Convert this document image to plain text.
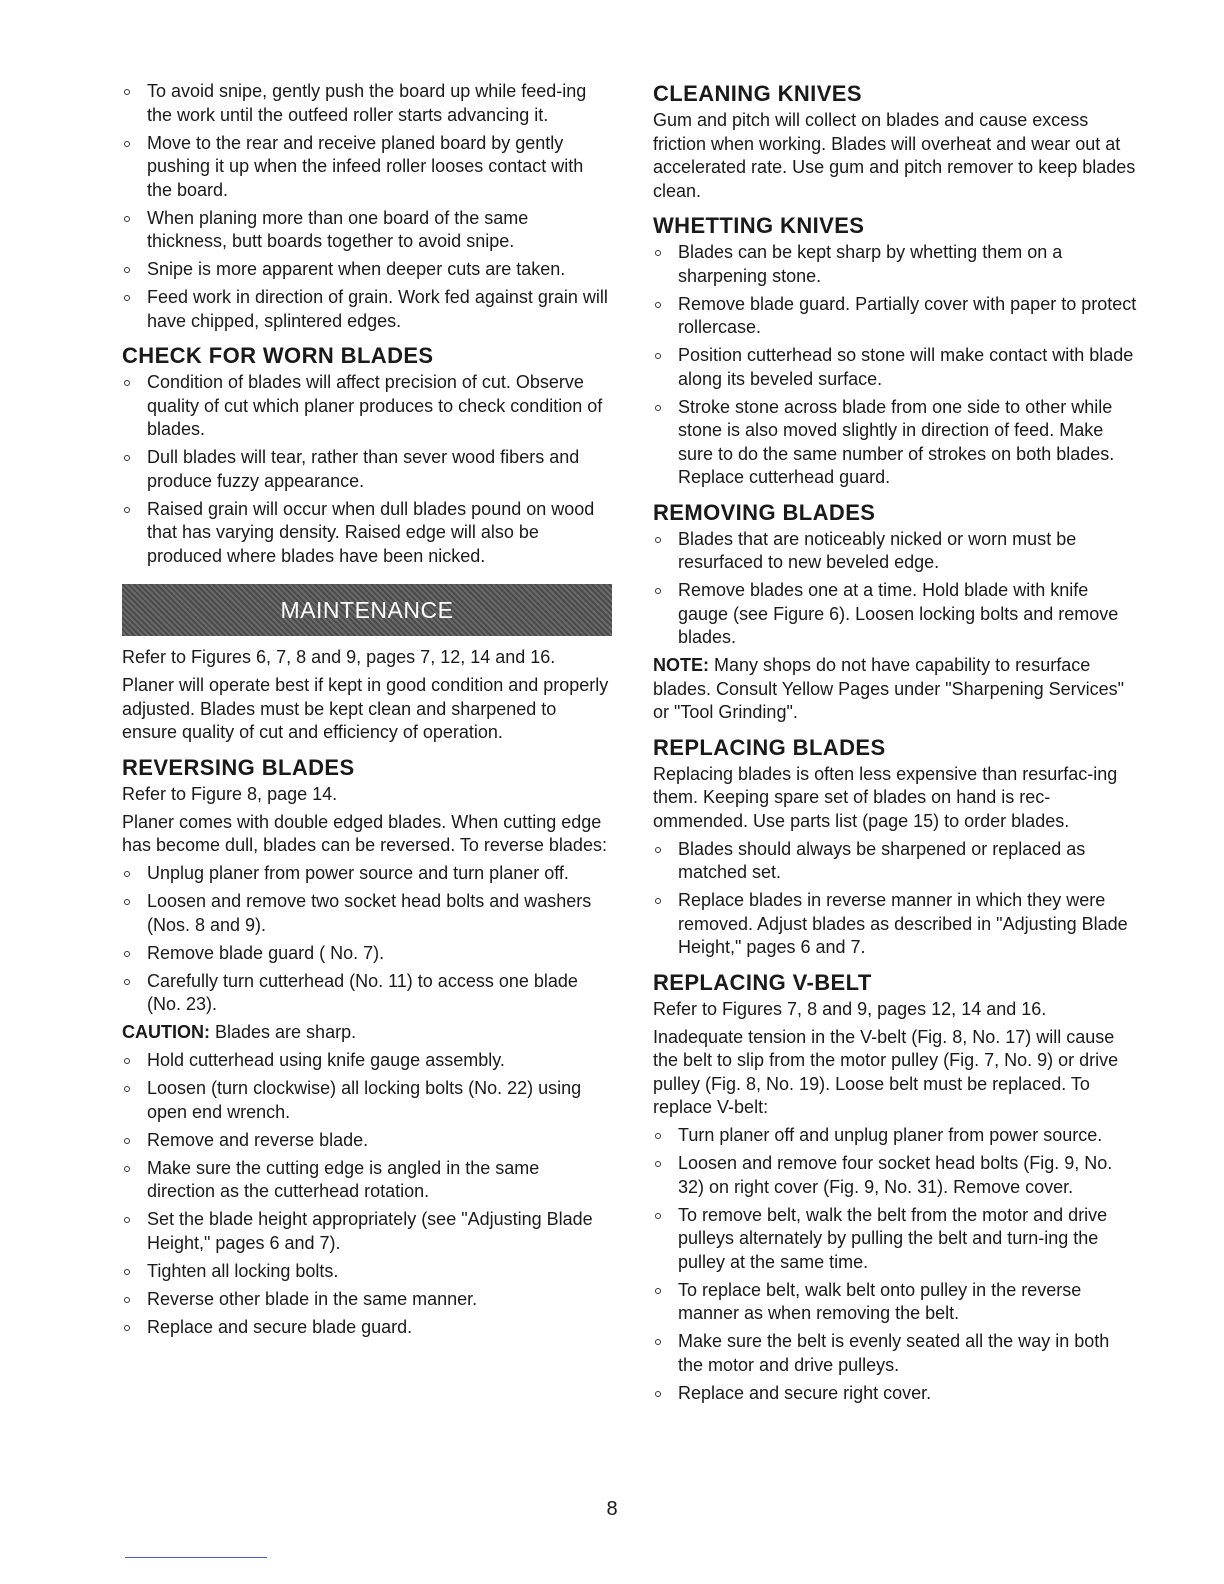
To avoid snipe, gently push the board up while feed-ing the work until the outfeed roller starts advancing it.
Move to the rear and receive planed board by gently pushing it up when the infeed roller looses contact with the board.
When planing more than one board of the same thickness, butt boards together to avoid snipe.
Snipe is more apparent when deeper cuts are taken.
Feed work in direction of grain. Work fed against grain will have chipped, splintered edges.
CHECK FOR WORN BLADES
Condition of blades will affect precision of cut. Observe quality of cut which planer produces to check condition of blades.
Dull blades will tear, rather than sever wood fibers and produce fuzzy appearance.
Raised grain will occur when dull blades pound on wood that has varying density. Raised edge will also be produced where blades have been nicked.
MAINTENANCE

Refer to Figures 6, 7, 8 and 9, pages 7, 12, 14 and 16.

Planer will operate best if kept in good condition and properly adjusted. Blades must be kept clean and sharpened to ensure quality of cut and efficiency of operation.

REVERSING BLADES

Refer to Figure 8, page 14.

Planer comes with double edged blades. When cutting edge has become dull, blades can be reversed. To reverse blades:

Unplug planer from power source and turn planer off.
Loosen and remove two socket head bolts and washers (Nos. 8 and 9).
Remove blade guard ( No. 7).
Carefully turn cutterhead (No. 11) to access one blade (No. 23).

CAUTION: Blades are sharp.

Hold cutterhead using knife gauge assembly.
Loosen (turn clockwise) all locking bolts (No. 22) using open end wrench.
Remove and reverse blade.
Make sure the cutting edge is angled in the same direction as the cutterhead rotation.
Set the blade height appropriately (see "Adjusting Blade Height," pages 6 and 7).
Tighten all locking bolts.
Reverse other blade in the same manner.
Replace and secure blade guard.
CLEANING KNIVES

Gum and pitch will collect on blades and cause excess friction when working. Blades will overheat and wear out at accelerated rate. Use gum and pitch remover to keep blades clean.

WHETTING KNIVES
Blades can be kept sharp by whetting them on a sharpening stone.
Remove blade guard. Partially cover with paper to protect rollercase.
Position cutterhead so stone will make contact with blade along its beveled surface.
Stroke stone across blade from one side to other while stone is also moved slightly in direction of feed. Make sure to do the same number of strokes on both blades. Replace cutterhead guard.
REMOVING BLADES
Blades that are noticeably nicked or worn must be resurfaced to new beveled edge.
Remove blades one at a time. Hold blade with knife gauge (see Figure 6). Loosen locking bolts and remove blades.

NOTE: Many shops do not have capability to resurface blades. Consult Yellow Pages under "Sharpening Services" or "Tool Grinding".

REPLACING BLADES

Replacing blades is often less expensive than resurfac-ing them. Keeping spare set of blades on hand is rec-ommended. Use parts list (page 15) to order blades.

Blades should always be sharpened or replaced as matched set.
Replace blades in reverse manner in which they were removed. Adjust blades as described in "Adjusting Blade Height," pages 6 and 7.
REPLACING V-BELT

Refer to Figures 7, 8 and 9, pages 12, 14 and 16.

Inadequate tension in the V-belt (Fig. 8, No. 17) will cause the belt to slip from the motor pulley (Fig. 7, No. 9) or drive pulley (Fig. 8, No. 19). Loose belt must be replaced. To replace V-belt:

Turn planer off and unplug planer from power source.
Loosen and remove four socket head bolts (Fig. 9, No. 32) on right cover (Fig. 9, No. 31). Remove cover.
To remove belt, walk the belt from the motor and drive pulleys alternately by pulling the belt and turn-ing the pulley at the same time.
To replace belt, walk belt onto pulley in the reverse manner as when removing the belt.
Make sure the belt is evenly seated all the way in both the motor and drive pulleys.
Replace and secure right cover.
8
